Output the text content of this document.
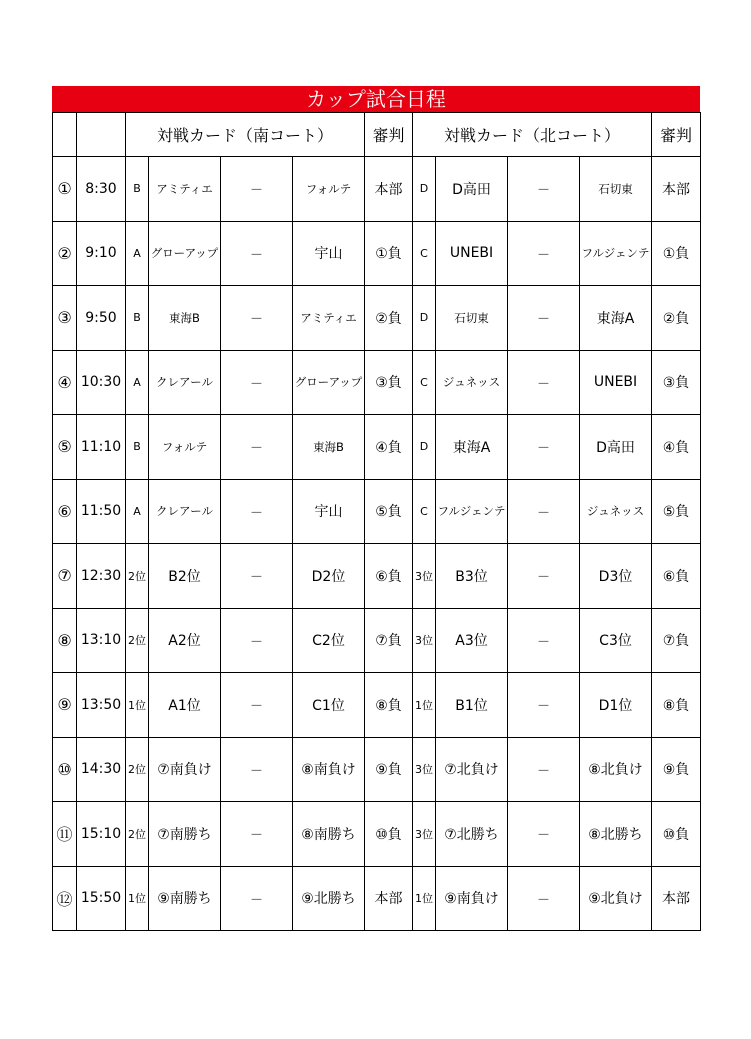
カップ試合日程
		対戦カード（南コート）				審判	対戦カード（北コート）				審判
①	8:30	B	アミティエ	－	フォルテ	本部	D	D高田	－	石切東	本部
②	9:10	A	グローアップ	－	宇山	①負	C	UNEBI	－	フルジェンテ	①負
③	9:50	B	東海B	－	アミティエ	②負	D	石切東	－	東海A	②負
④	10:30	A	クレアール	－	グローアップ	③負	C	ジュネッス	－	UNEBI	③負
⑤	11:10	B	フォルテ	－	東海B	④負	D	東海A	－	D高田	④負
⑥	11:50	A	クレアール	－	宇山	⑤負	C	フルジェンテ	－	ジュネッス	⑤負
⑦	12:30	2位	B2位	－	D2位	⑥負	3位	B3位	－	D3位	⑥負
⑧	13:10	2位	A2位	－	C2位	⑦負	3位	A3位	－	C3位	⑦負
⑨	13:50	1位	A1位	－	C1位	⑧負	1位	B1位	－	D1位	⑧負
⑩	14:30	2位	⑦南負け	－	⑧南負け	⑨負	3位	⑦北負け	－	⑧北負け	⑨負
⑪	15:10	2位	⑦南勝ち	－	⑧南勝ち	⑩負	3位	⑦北勝ち	－	⑧北勝ち	⑩負
⑫	15:50	1位	⑨南勝ち	－	⑨北勝ち	本部	1位	⑨南負け	－	⑨北負け	本部
